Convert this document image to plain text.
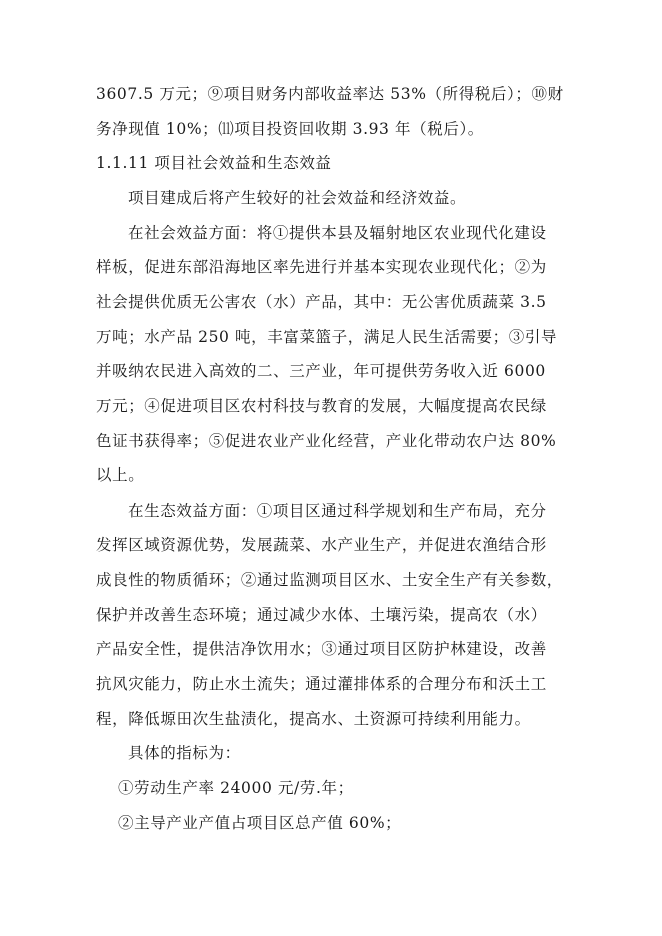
3607.5 万元；⑨项目财务内部收益率达 53%（所得税后）；⑩财
务净现值 10%；⑾项目投资回收期 3.93 年（税后）。
1.1.11 项目社会效益和生态效益
项目建成后将产生较好的社会效益和经济效益。
在社会效益方面：将①提供本县及辐射地区农业现代化建设
样板，促进东部沿海地区率先进行并基本实现农业现代化；②为
社会提供优质无公害农（水）产品，其中：无公害优质蔬菜 3.5
万吨；水产品 250 吨，丰富菜篮子，满足人民生活需要；③引导
并吸纳农民进入高效的二、三产业，年可提供劳务收入近 6000
万元；④促进项目区农村科技与教育的发展，大幅度提高农民绿
色证书获得率；⑤促进农业产业化经营，产业化带动农户达 80%
以上。
在生态效益方面：①项目区通过科学规划和生产布局，充分
发挥区域资源优势，发展蔬菜、水产业生产，并促进农渔结合形
成良性的物质循环；②通过监测项目区水、土安全生产有关参数，
保护并改善生态环境；通过减少水体、土壤污染，提高农（水）
产品安全性，提供洁净饮用水；③通过项目区防护林建设，改善
抗风灾能力，防止水土流失；通过灌排体系的合理分布和沃土工
程，降低塬田次生盐渍化，提高水、土资源可持续利用能力。
具体的指标为：
①劳动生产率 24000 元/劳.年；
②主导产业产值占项目区总产值 60%；
